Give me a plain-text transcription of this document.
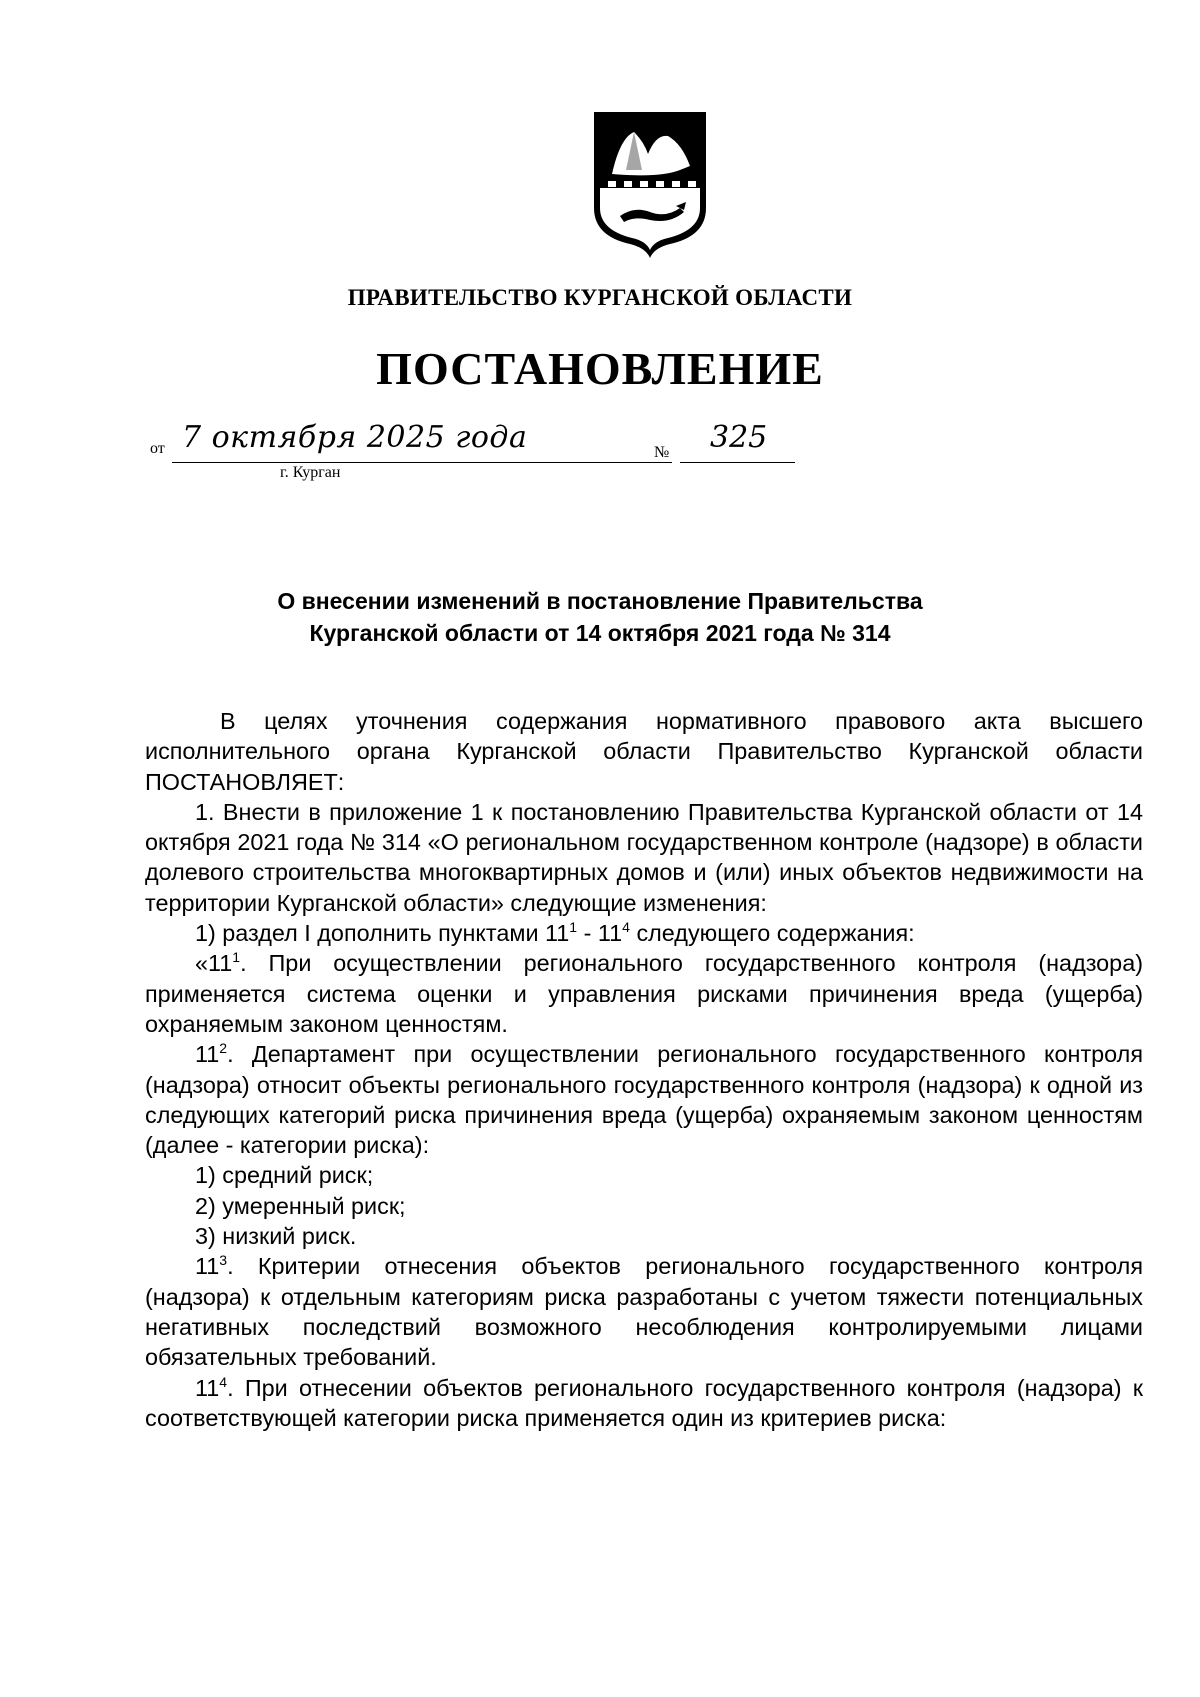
ПРАВИТЕЛЬСТВО КУРГАНСКОЙ ОБЛАСТИ
ПОСТАНОВЛЕНИЕ
от 7 октября 2025 года	№ 325
г. Курган
О внесении изменений в постановление Правительства
Курганской области от 14 октября 2021 года № 314

В целях уточнения содержания нормативного правового акта высшего исполнительного органа Курганской области Правительство Курганской области ПОСТАНОВЛЯЕТ:

1. Внести в приложение 1 к постановлению Правительства Курганской области от 14 октября 2021 года № 314 «О региональном государственном контроле (надзоре) в области долевого строительства многоквартирных домов и (или) иных объектов недвижимости на территории Курганской области» следующие изменения:

1) раздел I дополнить пунктами $11^1 - 11^4$ следующего содержания:

«$11^1$. При осуществлении регионального государственного контроля (надзора) применяется система оценки и управления рисками причинения вреда (ущерба) охраняемым законом ценностям.

$11^2$. Департамент при осуществлении регионального государственного контроля (надзора) относит объекты регионального государственного контроля (надзора) к одной из следующих категорий риска причинения вреда (ущерба) охраняемым законом ценностям (далее - категории риска):

1) средний риск;

2) умеренный риск;

3) низкий риск.

$11^3$. Критерии отнесения объектов регионального государственного контроля (надзора) к отдельным категориям риска разработаны с учетом тяжести потенциальных негативных последствий возможного несоблюдения контролируемыми лицами обязательных требований.

$11^4$. При отнесении объектов регионального государственного контроля (надзора) к соответствующей категории риска применяется один из критериев риска:
